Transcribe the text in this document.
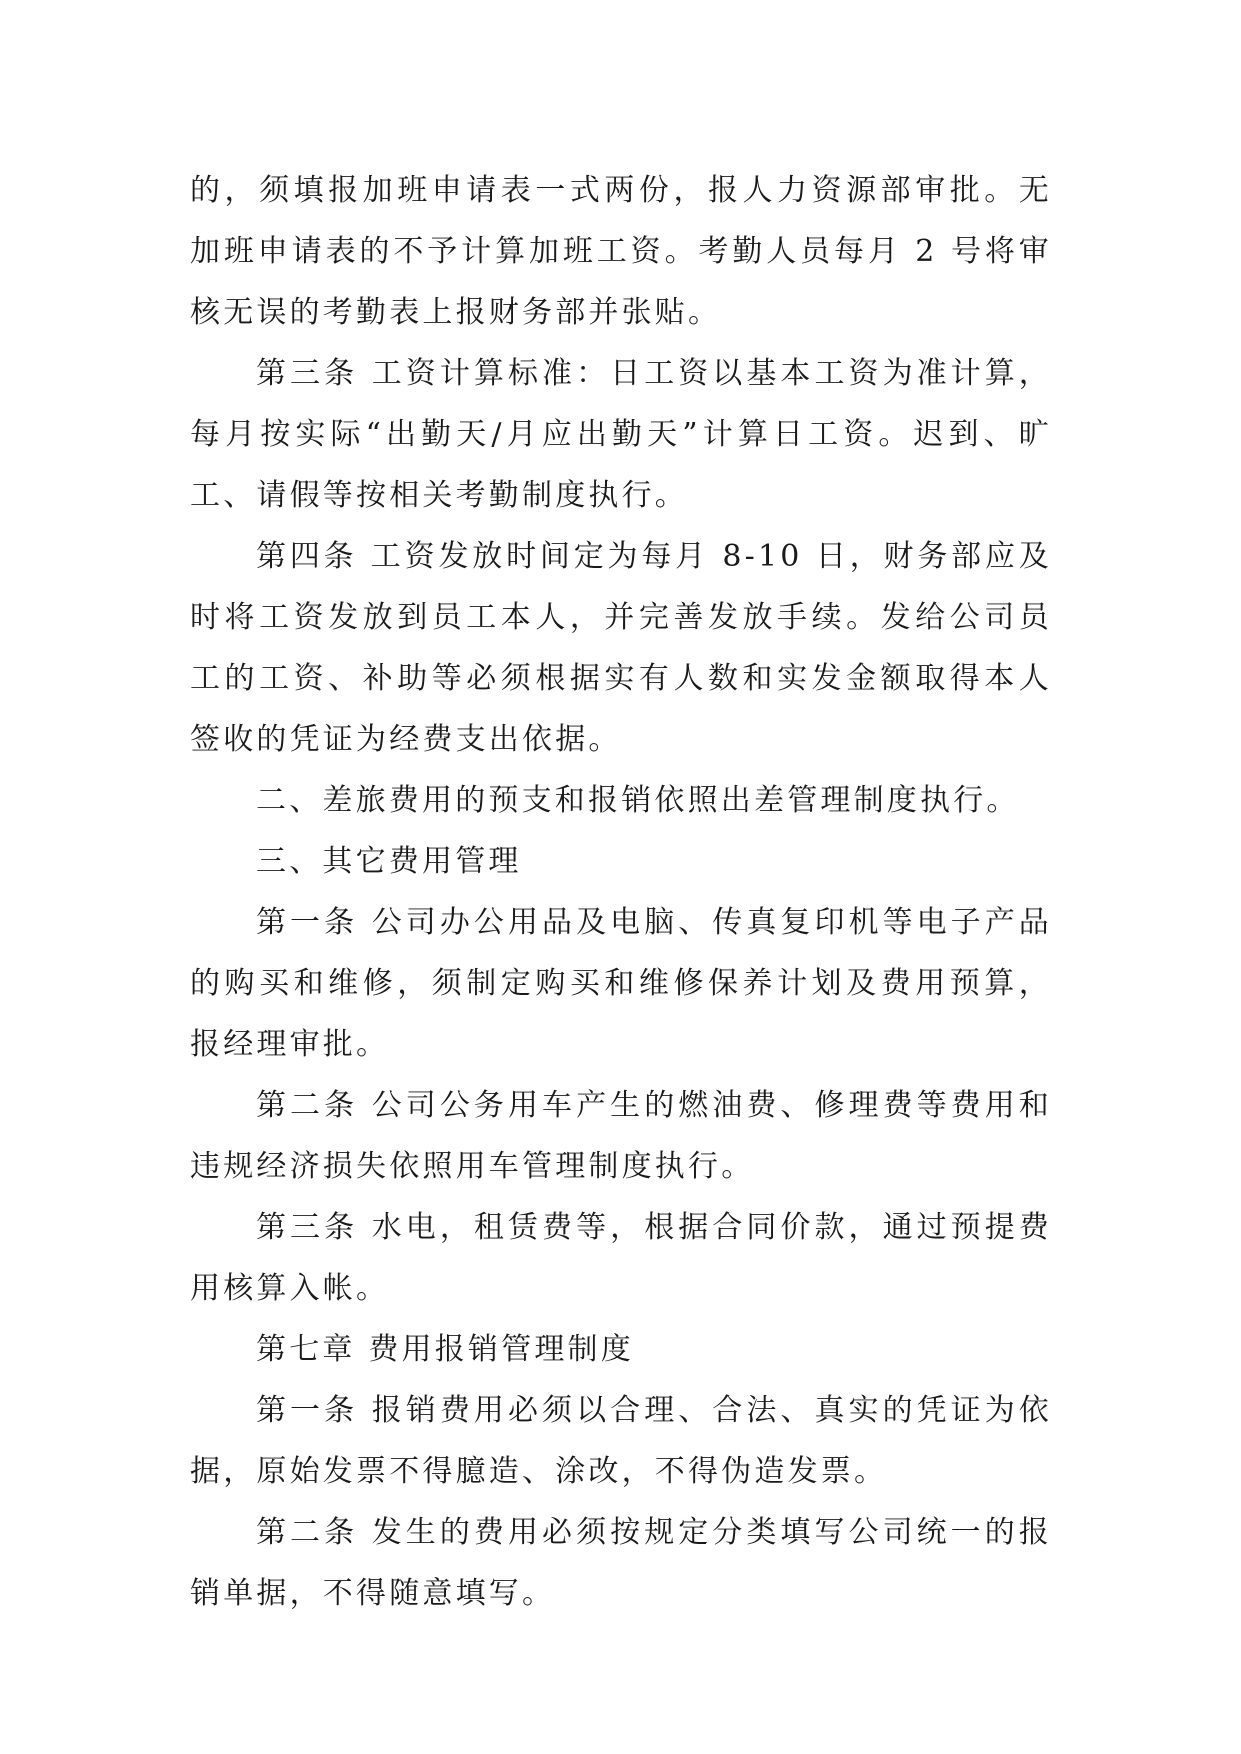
的，须填报加班申请表一式两份，报人力资源部审批。无加班申请表的不予计算加班工资。考勤人员每月 2 号将审核无误的考勤表上报财务部并张贴。

第三条 工资计算标准：日工资以基本工资为准计算，每月按实际“出勤天/月应出勤天”计算日工资。迟到、旷工、请假等按相关考勤制度执行。

第四条 工资发放时间定为每月 8-10 日，财务部应及时将工资发放到员工本人，并完善发放手续。发给公司员工的工资、补助等必须根据实有人数和实发金额取得本人签收的凭证为经费支出依据。

二、差旅费用的预支和报销依照出差管理制度执行。

三、其它费用管理

第一条 公司办公用品及电脑、传真复印机等电子产品的购买和维修，须制定购买和维修保养计划及费用预算，报经理审批。

第二条 公司公务用车产生的燃油费、修理费等费用和违规经济损失依照用车管理制度执行。

第三条 水电，租赁费等，根据合同价款，通过预提费用核算入帐。

第七章 费用报销管理制度

第一条 报销费用必须以合理、合法、真实的凭证为依据，原始发票不得臆造、涂改，不得伪造发票。

第二条 发生的费用必须按规定分类填写公司统一的报销单据，不得随意填写。
